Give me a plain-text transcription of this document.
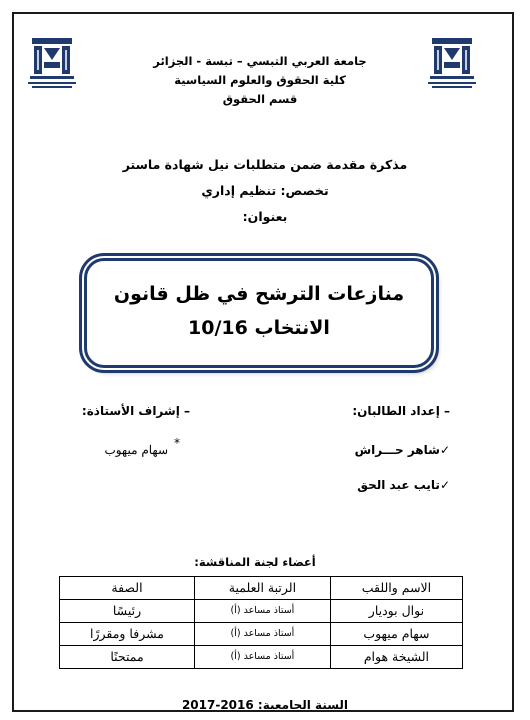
جامعة العربي التبسي – تبسة - الجزائر
كلية الحقوق والعلوم السياسية
قسم الحقوق
مذكرة مقدمة ضمن متطلبات نيل شهادة ماستر
تخصص: تنظيم إداري
بعنوان:
منازعات الترشح في ظل قانون
الانتخاب 10/16
– إعداد الطالبان:
– إشراف الأستاذة:
✓شاهر حـــراش
✓تايب عبد الحق
*
سهام ميهوب
أعضاء لجنة المناقشة:
الاسم واللقب	الرتبة العلمية	الصفة
نوال بوديار	أستاذ مساعد (أ)	رئيسًا
سهام ميهوب	أستاذ مساعد (أ)	مشرفا ومقررًا
الشيخة هوام	أستاذ مساعد (أ)	ممتحنًا
السنة الجامعية: 2016-2017
